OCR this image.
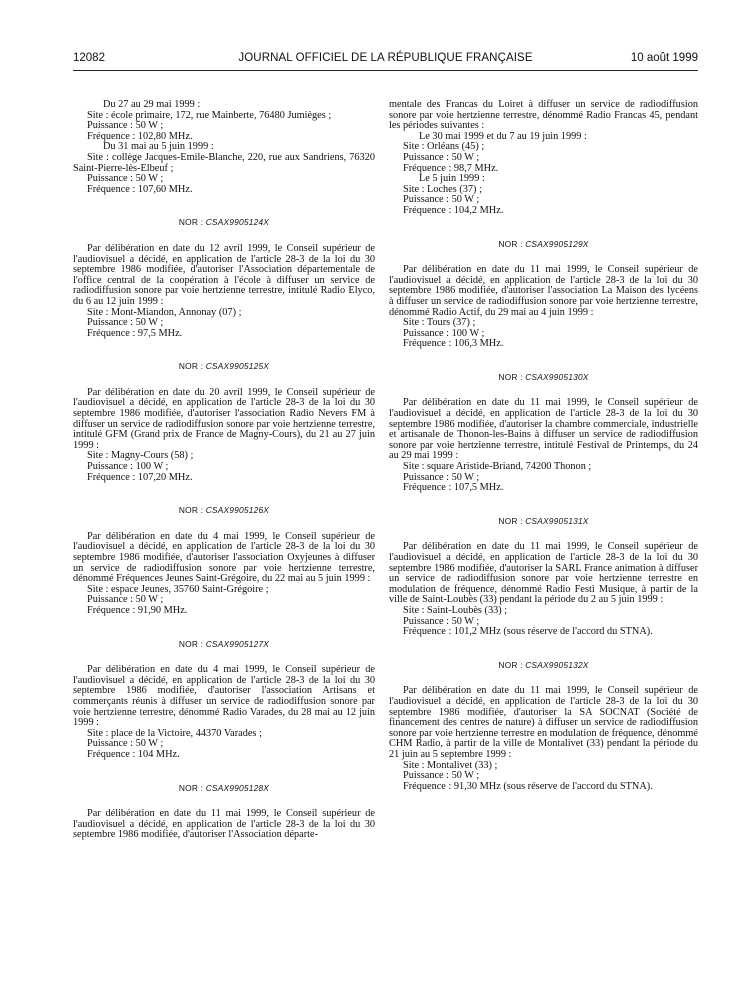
12082	JOURNAL OFFICIEL DE LA RÉPUBLIQUE FRANÇAISE	10 août 1999

Du 27 au 29 mai 1999 :

Site : école primaire, 172, rue Mainberte, 76480 Jumièges ;

Puissance : 50 W ;

Fréquence : 102,80 MHz.

Du 31 mai au 5 juin 1999 :

Site : collège Jacques-Emile-Blanche, 220, rue aux Sandriens, 76320 Saint-Pierre-lès-Elbeuf ;

Puissance : 50 W ;

Fréquence : 107,60 MHz.

NOR : CSAX9905124X

Par délibération en date du 12 avril 1999, le Conseil supérieur de l'audiovisuel a décidé, en application de l'article 28-3 de la loi du 30 septembre 1986 modifiée, d'autoriser l'Association départementale de l'office central de la coopération à l'école à diffuser un service de radiodiffusion sonore par voie hertzienne terrestre, intitulé Radio Elyco, du 6 au 12 juin 1999 :

Site : Mont-Miandon, Annonay (07) ;

Puissance : 50 W ;

Fréquence : 97,5 MHz.

NOR : CSAX9905125X

Par délibération en date du 20 avril 1999, le Conseil supérieur de l'audiovisuel a décidé, en application de l'article 28-3 de la loi du 30 septembre 1986 modifiée, d'autoriser l'association Radio Nevers FM à diffuser un service de radiodiffusion sonore par voie hertzienne terrestre, intitulé GFM (Grand prix de France de Magny-Cours), du 21 au 27 juin 1999 :

Site : Magny-Cours (58) ;

Puissance : 100 W ;

Fréquence : 107,20 MHz.

NOR : CSAX9905126X

Par délibération en date du 4 mai 1999, le Conseil supérieur de l'audiovisuel a décidé, en application de l'article 28-3 de la loi du 30 septembre 1986 modifiée, d'autoriser l'association Oxyjeunes à diffuser un service de radiodiffusion sonore par voie hertzienne terrestre, dénommé Fréquences Jeunes Saint-Grégoire, du 22 mai au 5 juin 1999 :

Site : espace Jeunes, 35760 Saint-Grégoire ;

Puissance : 50 W ;

Fréquence : 91,90 MHz.

NOR : CSAX9905127X

Par délibération en date du 4 mai 1999, le Conseil supérieur de l'audiovisuel a décidé, en application de l'article 28-3 de la loi du 30 septembre 1986 modifiée, d'autoriser l'association Artisans et commerçants réunis à diffuser un service de radiodiffusion sonore par voie hertzienne terrestre, dénommé Radio Varades, du 28 mai au 12 juin 1999 :

Site : place de la Victoire, 44370 Varades ;

Puissance : 50 W ;

Fréquence : 104 MHz.

NOR : CSAX9905128X

Par délibération en date du 11 mai 1999, le Conseil supérieur de l'audiovisuel a décidé, en application de l'article 28-3 de la loi du 30 septembre 1986 modifiée, d'autoriser l'Association départe-

mentale des Francas du Loiret à diffuser un service de radiodiffusion sonore par voie hertzienne terrestre, dénommé Radio Francas 45, pendant les périodes suivantes :

Le 30 mai 1999 et du 7 au 19 juin 1999 :

Site : Orléans (45) ;

Puissance : 50 W ;

Fréquence : 98,7 MHz.

Le 5 juin 1999 :

Site : Loches (37) ;

Puissance : 50 W ;

Fréquence : 104,2 MHz.

NOR : CSAX9905129X

Par délibération en date du 11 mai 1999, le Conseil supérieur de l'audiovisuel a décidé, en application de l'article 28-3 de la loi du 30 septembre 1986 modifiée, d'autoriser l'association La Maison des lycéens à diffuser un service de radiodiffusion sonore par voie hertzienne terrestre, dénommé Radio Actif, du 29 mai au 4 juin 1999 :

Site : Tours (37) ;

Puissance : 100 W ;

Fréquence : 106,3 MHz.

NOR : CSAX9905130X

Par délibération en date du 11 mai 1999, le Conseil supérieur de l'audiovisuel a décidé, en application de l'article 28-3 de la loi du 30 septembre 1986 modifiée, d'autoriser la chambre commerciale, industrielle et artisanale de Thonon-les-Bains à diffuser un service de radiodiffusion sonore par voie hertzienne terrestre, intitulé Festival de Printemps, du 24 au 29 mai 1999 :

Site : square Aristide-Briand, 74200 Thonon ;

Puissance : 50 W ;

Fréquence : 107,5 MHz.

NOR : CSAX9905131X

Par délibération en date du 11 mai 1999, le Conseil supérieur de l'audiovisuel a décidé, en application de l'article 28-3 de la loi du 30 septembre 1986 modifiée, d'autoriser la SARL France animation à diffuser un service de radiodiffusion sonore par voie hertzienne terrestre en modulation de fréquence, dénommé Radio Festi Musique, à partir de la ville de Saint-Loubès (33) pendant la période du 2 au 5 juin 1999 :

Site : Saint-Loubès (33) ;

Puissance : 50 W ;

Fréquence : 101,2 MHz (sous réserve de l'accord du STNA).

NOR : CSAX9905132X

Par délibération en date du 11 mai 1999, le Conseil supérieur de l'audiovisuel a décidé, en application de l'article 28-3 de la loi du 30 septembre 1986 modifiée, d'autoriser la SA SOCNAT (Société de financement des centres de nature) à diffuser un service de radiodiffusion sonore par voie hertzienne terrestre en modulation de fréquence, dénommé CHM Radio, à partir de la ville de Montalivet (33) pendant la période du 21 juin au 5 septembre 1999 :

Site : Montalivet (33) ;

Puissance : 50 W ;

Fréquence : 91,30 MHz (sous réserve de l'accord du STNA).
